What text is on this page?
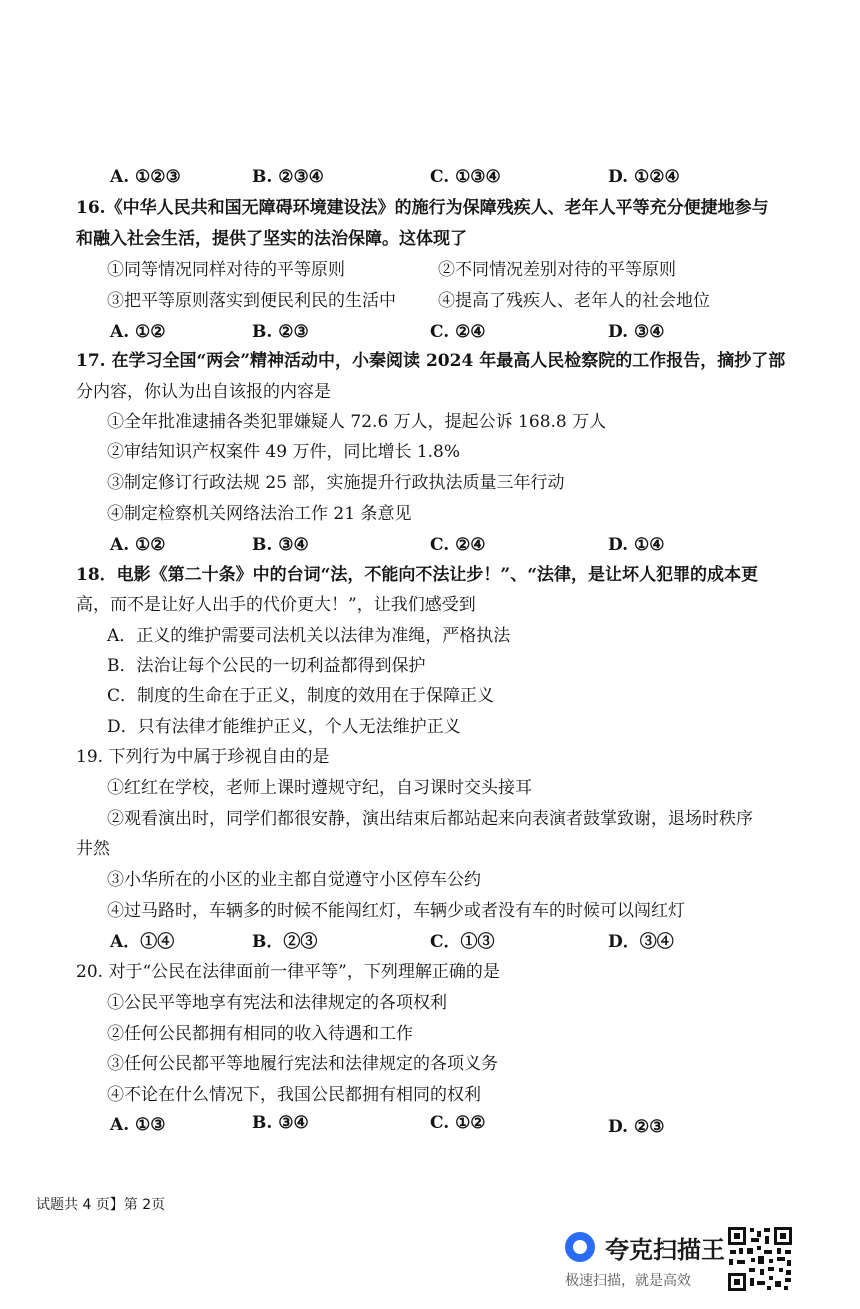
A. ①②③	B. ②③④	C. ①③④	D. ①②④
16.《中华人民共和国无障碍环境建设法》的施行为保障残疾人、老年人平等充分便捷地参与
和融入社会生活，提供了坚实的法治保障。这体现了
①同等情况同样对待的平等原则	②不同情况差别对待的平等原则
③把平等原则落实到便民利民的生活中 ④提高了残疾人、老年人的社会地位
A. ①②	B. ②③	C. ②④	D. ③④
17. 在学习全国“两会”精神活动中，小秦阅读 2024 年最高人民检察院的工作报告，摘抄了部
分内容，你认为出自该报的内容是
①全年批准逮捕各类犯罪嫌疑人 72.6 万人，提起公诉 168.8 万人
②审结知识产权案件 49 万件，同比增长 1.8%
③制定修订行政法规 25 部，实施提升行政执法质量三年行动
④制定检察机关网络法治工作 21 条意见
A. ①②	B. ③④	C. ②④	D. ①④
18．电影《第二十条》中的台词“法，不能向不法让步！”、“法律，是让坏人犯罪的成本更
高，而不是让好人出手的代价更大！”，让我们感受到
A．正义的维护需要司法机关以法律为准绳，严格执法
B．法治让每个公民的一切利益都得到保护
C．制度的生命在于正义，制度的效用在于保障正义
D．只有法律才能维护正义，个人无法维护正义
19. 下列行为中属于珍视自由的是
①红红在学校，老师上课时遵规守纪，自习课时交头接耳
②观看演出时，同学们都很安静，演出结束后都站起来向表演者鼓掌致谢，退场时秩序
井然
③小华所在的小区的业主都自觉遵守小区停车公约
④过马路时，车辆多的时候不能闯红灯，车辆少或者没有车的时候可以闯红灯
A．①④	B．②③	C．①③	D．③④
20. 对于“公民在法律面前一律平等”，下列理解正确的是
①公民平等地享有宪法和法律规定的各项权利
②任何公民都拥有相同的收入待遇和工作
③任何公民都平等地履行宪法和法律规定的各项义务
④不论在什么情况下，我国公民都拥有相同的权利
A. ①③	B. ③④	C. ①②	D. ②③
试题共 4 页】第 2页
夸克扫描王
极速扫描，就是高效
